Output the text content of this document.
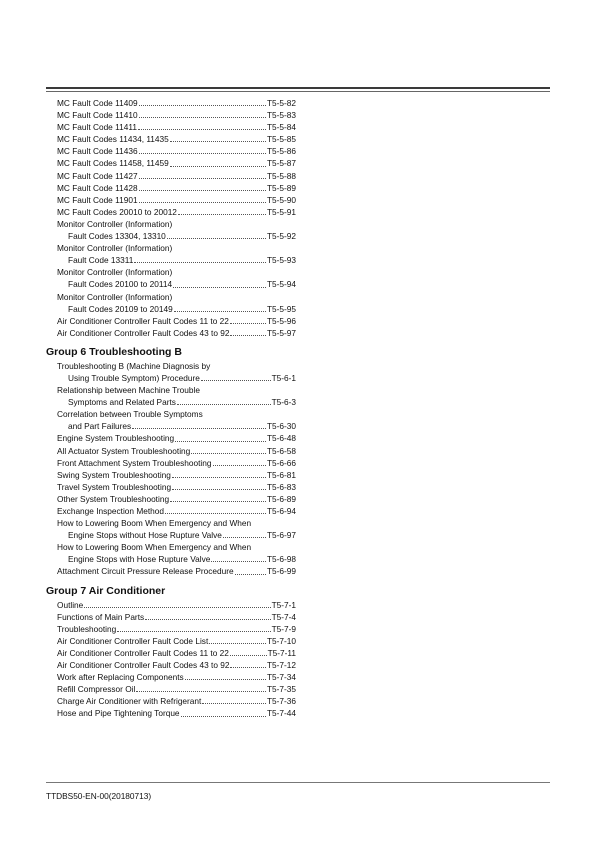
MC Fault Code 11409	T5-5-82
MC Fault Code 11410	T5-5-83
MC Fault Code 11411	T5-5-84
MC Fault Codes 11434, 11435	T5-5-85
MC Fault Code 11436	T5-5-86
MC Fault Codes 11458, 11459	T5-5-87
MC Fault Code 11427	T5-5-88
MC Fault Code 11428	T5-5-89
MC Fault Code 11901	T5-5-90
MC Fault Codes 20010 to 20012	T5-5-91
Monitor Controller (Information)
Fault Codes 13304, 13310	T5-5-92
Monitor Controller (Information)
Fault Code 13311	T5-5-93
Monitor Controller (Information)
Fault Codes 20100 to 20114	T5-5-94
Monitor Controller (Information)
Fault Codes 20109 to 20149	T5-5-95
Air Conditioner Controller Fault Codes 11 to 22	T5-5-96
Air Conditioner Controller Fault Codes 43 to 92	T5-5-97
Group 6 Troubleshooting B
Troubleshooting B (Machine Diagnosis by
Using Trouble Symptom) Procedure	T5-6-1
Relationship between Machine Trouble
Symptoms and Related Parts	T5-6-3
Correlation between Trouble Symptoms
and Part Failures	T5-6-30
Engine System Troubleshooting	T5-6-48
All Actuator System Troubleshooting	T5-6-58
Front Attachment System Troubleshooting	T5-6-66
Swing System Troubleshooting	T5-6-81
Travel System Troubleshooting	T5-6-83
Other System Troubleshooting	T5-6-89
Exchange Inspection Method	T5-6-94
How to Lowering Boom When Emergency and When
Engine Stops without Hose Rupture Valve	T5-6-97
How to Lowering Boom When Emergency and When
Engine Stops with Hose Rupture Valve	T5-6-98
Attachment Circuit Pressure Release Procedure	T5-6-99
Group 7 Air Conditioner
Outline	T5-7-1
Functions of Main Parts	T5-7-4
Troubleshooting	T5-7-9
Air Conditioner Controller Fault Code List	T5-7-10
Air Conditioner Controller Fault Codes 11 to 22	T5-7-11
Air Conditioner Controller Fault Codes 43 to 92	T5-7-12
Work after Replacing Components	T5-7-34
Refill Compressor Oil	T5-7-35
Charge Air Conditioner with Refrigerant	T5-7-36
Hose and Pipe Tightening Torque	T5-7-44
TTDBS50-EN-00(20180713)
